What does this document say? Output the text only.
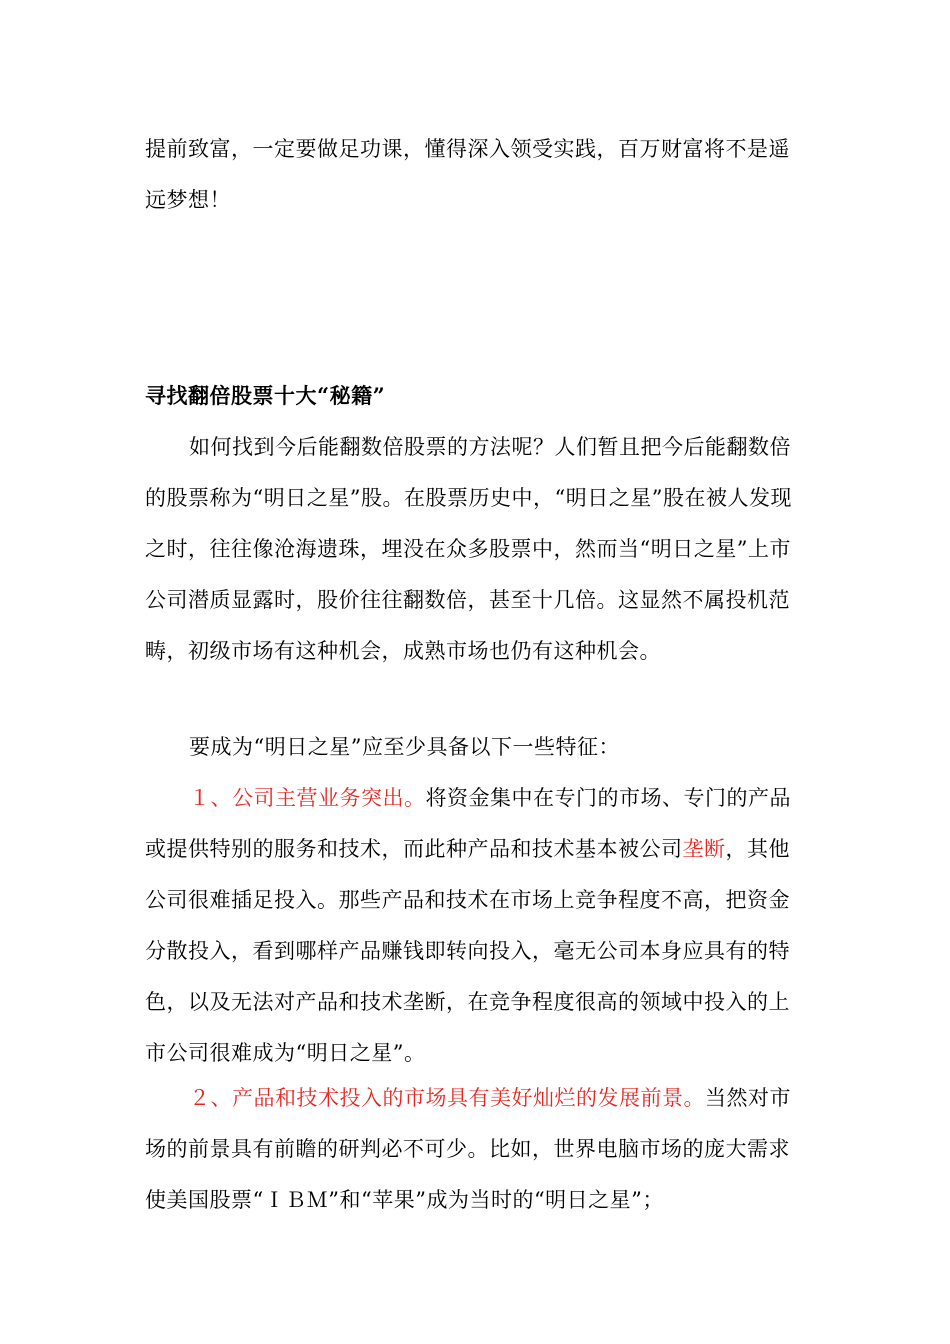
提前致富，一定要做足功课，懂得深入领受实践，百万财富将不是遥远梦想！

寻找翻倍股票十大“秘籍”

如何找到今后能翻数倍股票的方法呢？人们暂且把今后能翻数倍的股票称为“明日之星”股。在股票历史中，“明日之星”股在被人发现之时，往往像沧海遗珠，埋没在众多股票中，然而当“明日之星”上市公司潜质显露时，股价往往翻数倍，甚至十几倍。这显然不属投机范畴，初级市场有这种机会，成熟市场也仍有这种机会。

要成为“明日之星”应至少具备以下一些特征：

１、公司主营业务突出。将资金集中在专门的市场、专门的产品或提供特别的服务和技术，而此种产品和技术基本被公司垄断，其他公司很难插足投入。那些产品和技术在市场上竞争程度不高，把资金分散投入，看到哪样产品赚钱即转向投入，毫无公司本身应具有的特色，以及无法对产品和技术垄断，在竞争程度很高的领域中投入的上市公司很难成为“明日之星”。

２、产品和技术投入的市场具有美好灿烂的发展前景。当然对市场的前景具有前瞻的研判必不可少。比如，世界电脑市场的庞大需求使美国股票“ＩＢＭ”和“苹果”成为当时的“明日之星”；
